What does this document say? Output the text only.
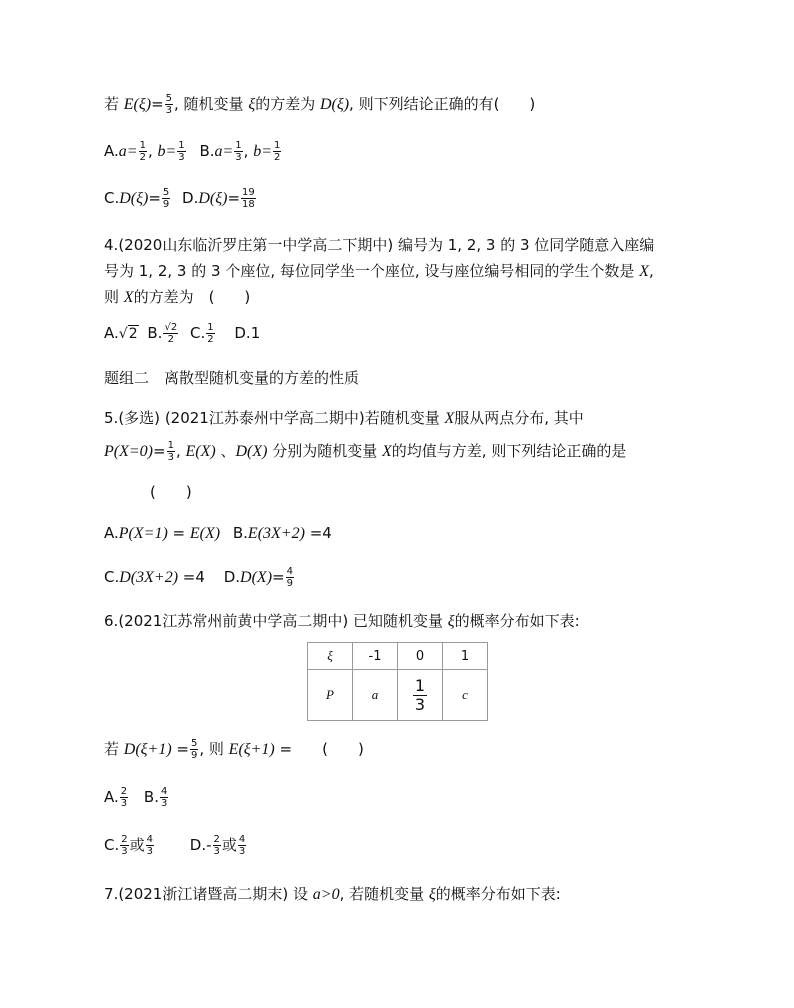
若 $E(\xi)= \frac{5}{3}$ , 随机变量 ξ的方差为 D(ξ), 则下列结论正确的有(　　)
$A.a= \frac{1}{2}$ , $b= \frac{1}{3} B.a= \frac{1}{3}$ , $b= \frac{1}{2}$
$C.D(\xi)= \frac{5}{9} D.D(\xi)= \frac{19}{18}$
4.(2020山东临沂罗庄第一中学高二下期中) 编号为 1, 2, 3 的 3 位同学随意入座编
号为 1, 2, 3 的 3 个座位, 每位同学坐一个座位, 设与座位编号相同的学生个数是 X,
则 X的方差为　(　　)
A.√2 B. $\frac{√2}{2} C$. $\frac{1}{2} D.1$
题组二　离散型随机变量的方差的性质
5.(多选) (2021江苏泰州中学高二期中)若随机变量 X服从两点分布, 其中
$P(X=0)= \frac{1}{3}$ , E(X) 、D(X) 分别为随机变量 X的均值与方差, 则下列结论正确的是
(　　)
A.P(X=1) = E(X) B.E(3X+2) =4
C.D(3X+2) =4 $D.D(X)= \frac{4}{9}$
6.(2021江苏常州前黄中学高二期中) 已知随机变量 ξ的概率分布如下表:
ξ	-1	0	1
P	a	$\frac{1}{3}$	c
若 $D(\xi+1) = \frac{5}{9}$ , 则 E(ξ+1) =　　(　　)
A. $\frac{2}{3} B$. $\frac{4}{3}$
C. $\frac{2}{3}$ 或 $\frac{4}{3} D.- \frac{2}{3}$ 或 $\frac{4}{3}$
7.(2021浙江诸暨高二期末) 设 a>0, 若随机变量 ξ的概率分布如下表:
